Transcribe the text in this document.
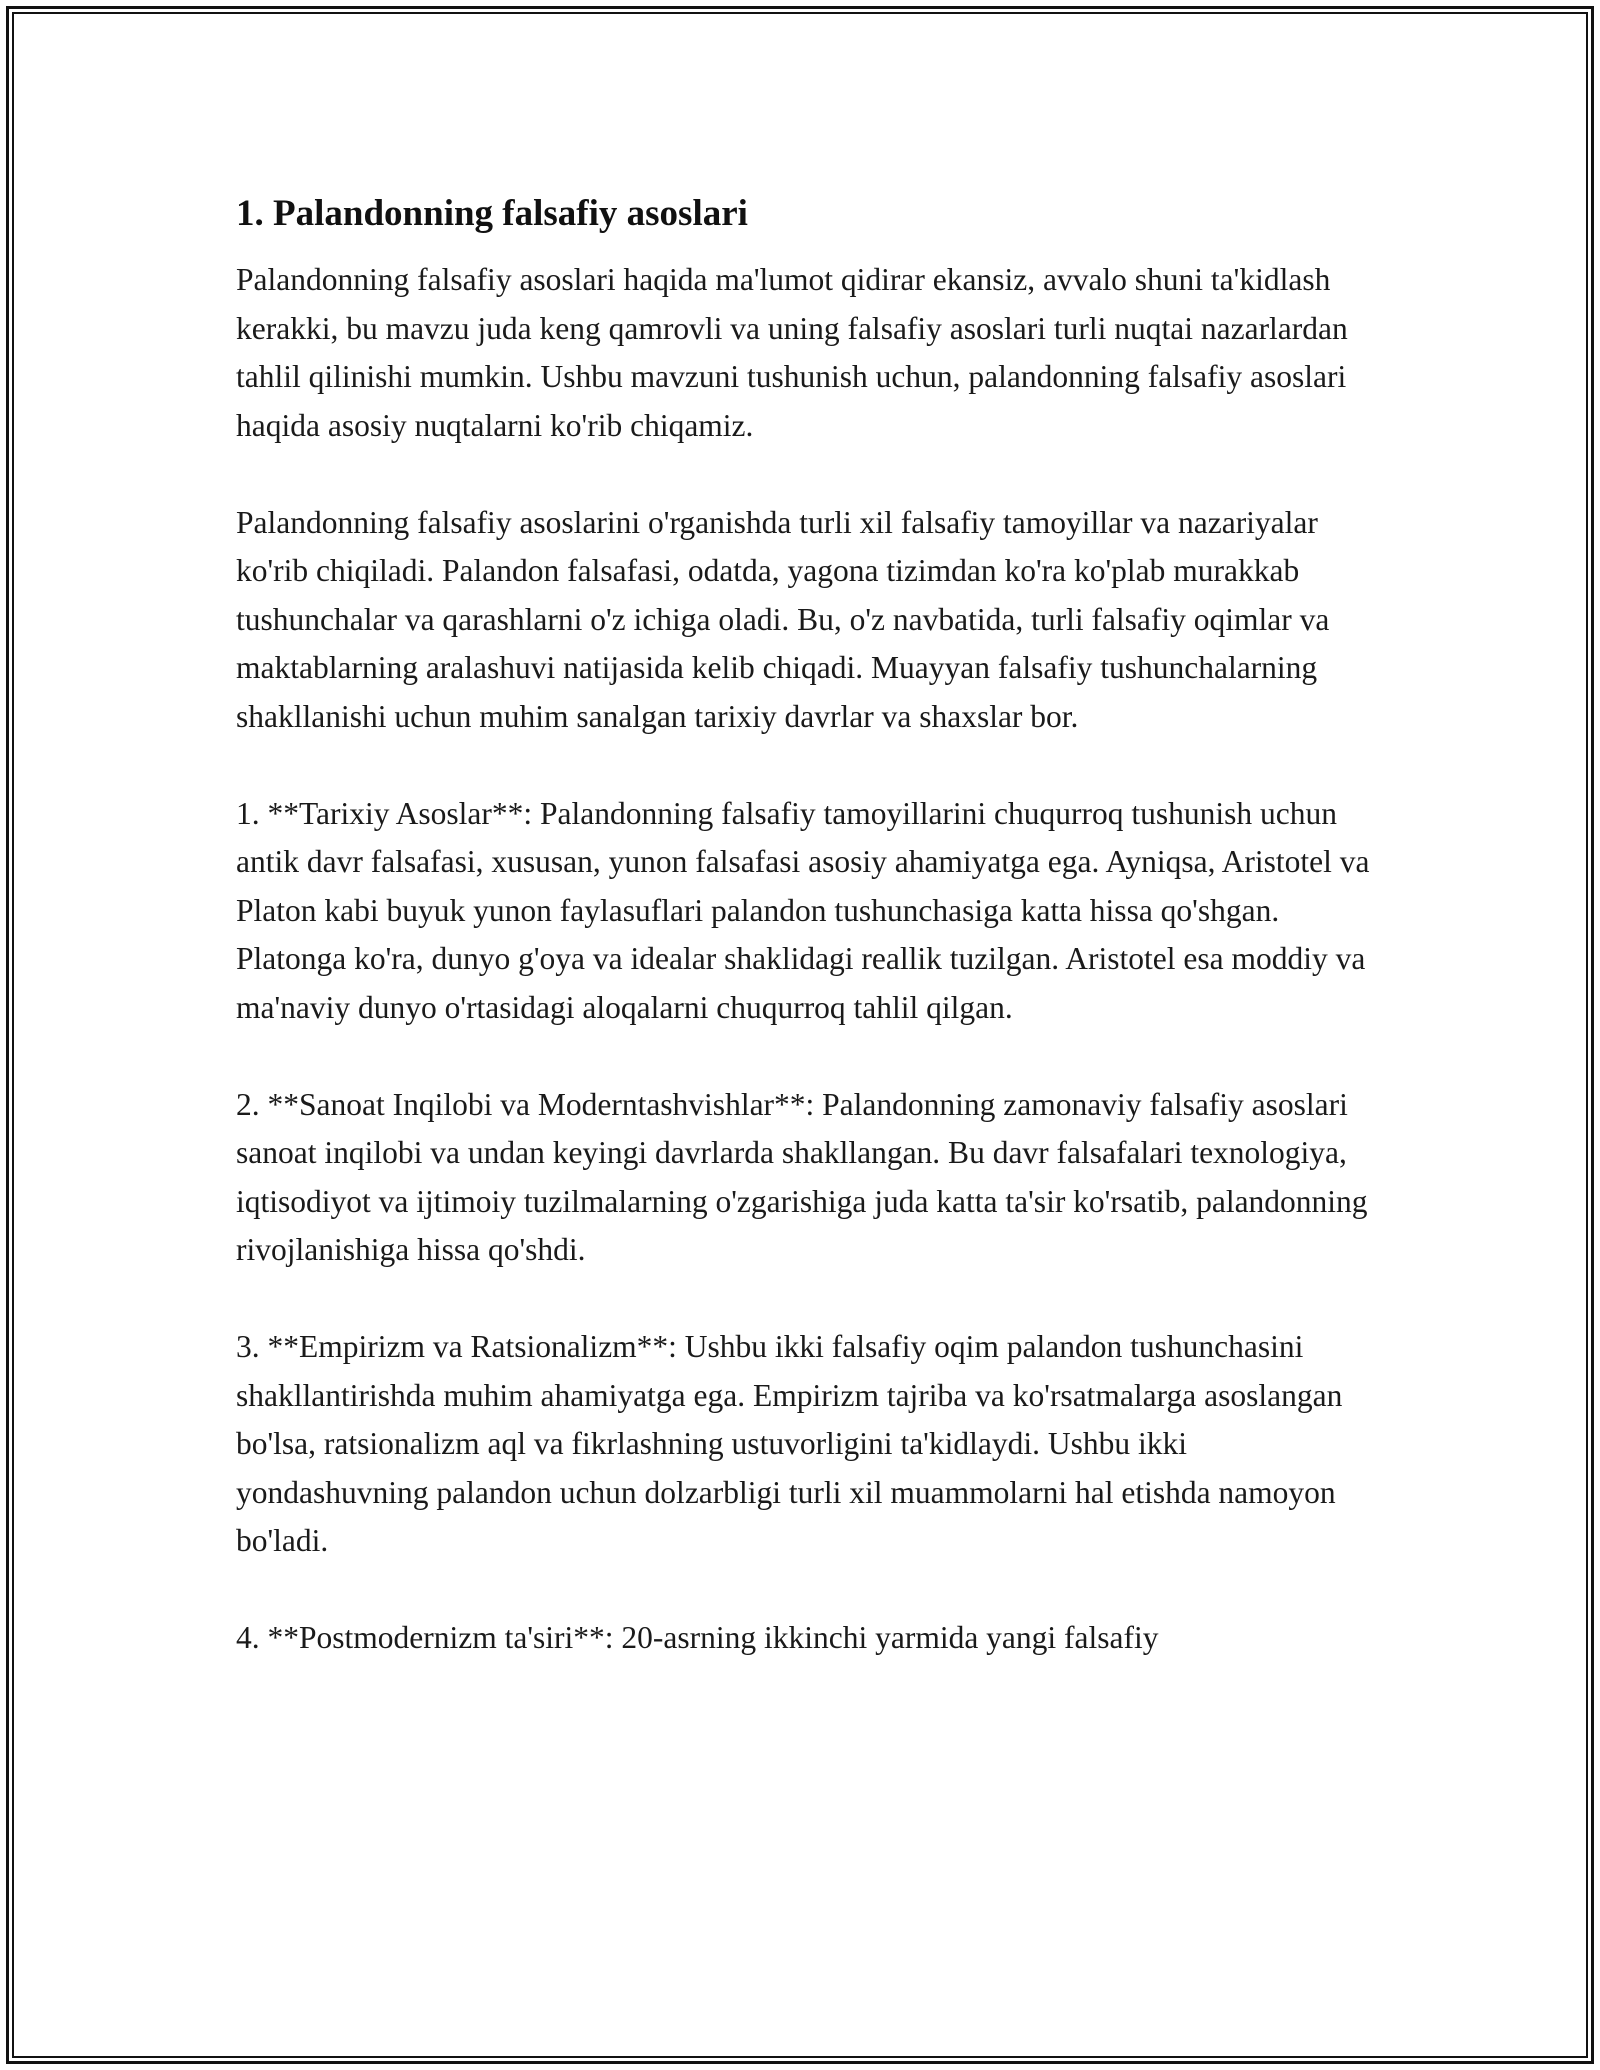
1. Palandonning falsafiy asoslari

Palandonning falsafiy asoslari haqida ma'lumot qidirar ekansiz, avvalo shuni ta'kidlash kerakki, bu mavzu juda keng qamrovli va uning falsafiy asoslari turli nuqtai nazarlardan tahlil qilinishi mumkin. Ushbu mavzuni tushunish uchun, palandonning falsafiy asoslari haqida asosiy nuqtalarni ko'rib chiqamiz.

Palandonning falsafiy asoslarini o'rganishda turli xil falsafiy tamoyillar va nazariyalar ko'rib chiqiladi. Palandon falsafasi, odatda, yagona tizimdan ko'ra ko'plab murakkab tushunchalar va qarashlarni o'z ichiga oladi. Bu, o'z navbatida, turli falsafiy oqimlar va maktablarning aralashuvi natijasida kelib chiqadi. Muayyan falsafiy tushunchalarning shakllanishi uchun muhim sanalgan tarixiy davrlar va shaxslar bor.

1. **Tarixiy Asoslar**: Palandonning falsafiy tamoyillarini chuqurroq tushunish uchun antik davr falsafasi, xususan, yunon falsafasi asosiy ahamiyatga ega. Ayniqsa, Aristotel va Platon kabi buyuk yunon faylasuflari palandon tushunchasiga katta hissa qo'shgan. Platonga ko'ra, dunyo g'oya va idealar shaklidagi reallik tuzilgan. Aristotel esa moddiy va ma'naviy dunyo o'rtasidagi aloqalarni chuqurroq tahlil qilgan.

2. **Sanoat Inqilobi va Moderntashvishlar**: Palandonning zamonaviy falsafiy asoslari sanoat inqilobi va undan keyingi davrlarda shakllangan. Bu davr falsafalari texnologiya, iqtisodiyot va ijtimoiy tuzilmalarning o'zgarishiga juda katta ta'sir ko'rsatib, palandonning rivojlanishiga hissa qo'shdi.

3. **Empirizm va Ratsionalizm**: Ushbu ikki falsafiy oqim palandon tushunchasini shakllantirishda muhim ahamiyatga ega. Empirizm tajriba va ko'rsatmalarga asoslangan bo'lsa, ratsionalizm aql va fikrlashning ustuvorligini ta'kidlaydi. Ushbu ikki yondashuvning palandon uchun dolzarbligi turli xil muammolarni hal etishda namoyon bo'ladi.

4. **Postmodernizm ta'siri**: 20-asrning ikkinchi yarmida yangi falsafiy
